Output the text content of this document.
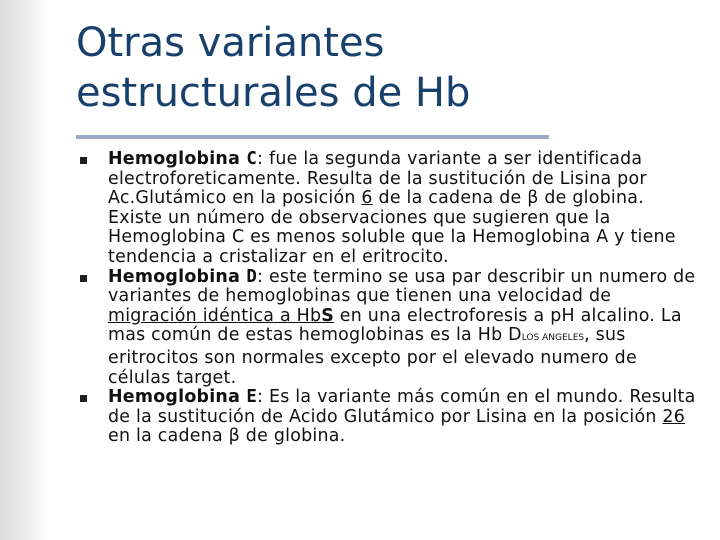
Otras variantes
estructurales de Hb
Hemoglobina C: fue la segunda variante a ser identificada electroforeticamente. Resulta de la sustitución de Lisina por Ac.Glutámico en la posición 6 de la cadena de β de globina. Existe un número de observaciones que sugieren que la Hemoglobina C es menos soluble que la Hemoglobina A y tiene tendencia a cristalizar en el eritrocito.
Hemoglobina D: este termino se usa par describir un numero de variantes de hemoglobinas que tienen una velocidad de migración idéntica a HbS en una electroforesis a pH alcalino. La mas común de estas hemoglobinas es la Hb DLOS ANGELES, sus eritrocitos son normales excepto por el elevado numero de células target.
Hemoglobina E: Es la variante más común en el mundo. Resulta de la sustitución de Acido Glutámico por Lisina en la posición 26 en la cadena β de globina.
